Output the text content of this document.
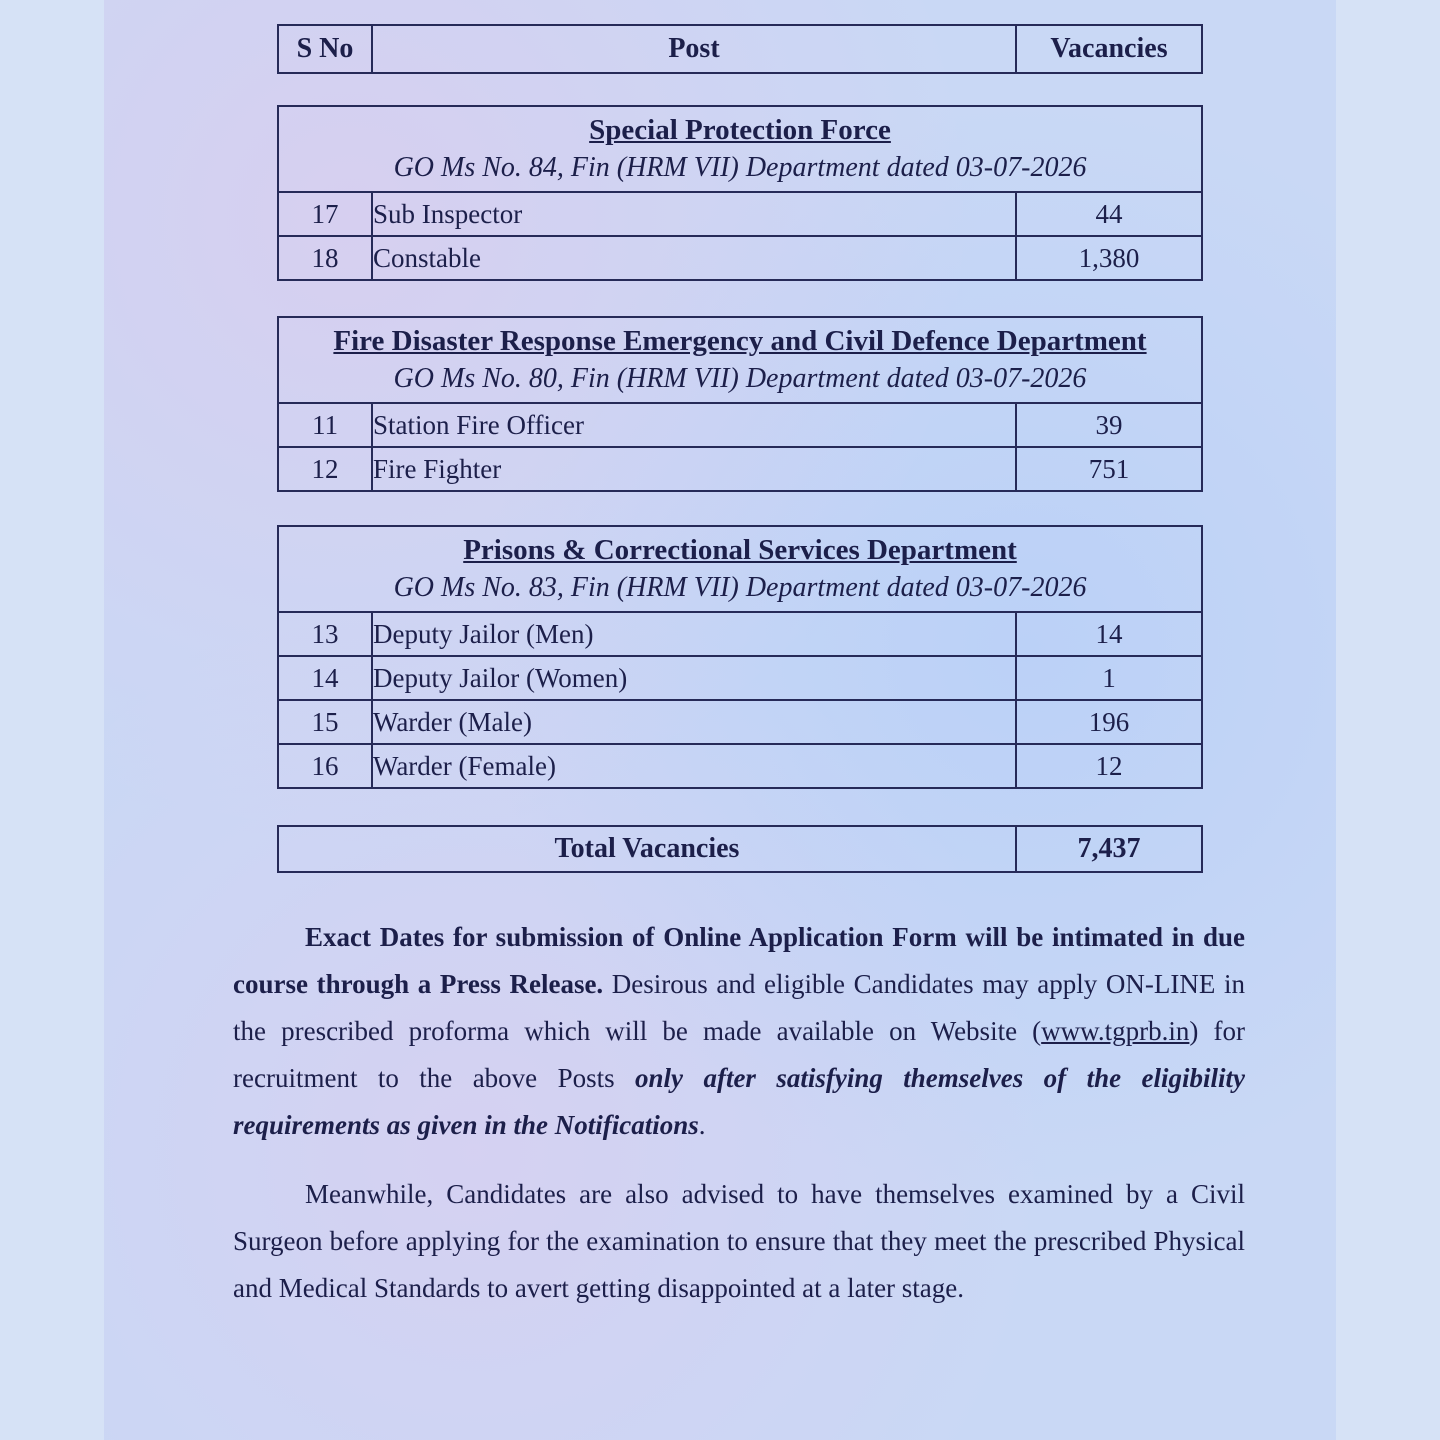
S No	Post	Vacancies
Special Protection Force
GO Ms No. 84, Fin (HRM VII) Department dated 03-07-2026		

17	Sub Inspector	44
18	Constable	1,380
Fire Disaster Response Emergency and Civil Defence Department
GO Ms No. 80, Fin (HRM VII) Department dated 03-07-2026		

11	Station Fire Officer	39
12	Fire Fighter	751
Prisons & Correctional Services Department
GO Ms No. 83, Fin (HRM VII) Department dated 03-07-2026		

13	Deputy Jailor (Men)	14
14	Deputy Jailor (Women)	1
15	Warder (Male)	196
16	Warder (Female)	12
Total Vacancies	7,437

Exact Dates for submission of Online Application Form will be intimated in due course through a Press Release. Desirous and eligible Candidates may apply ON-LINE in the prescribed proforma which will be made available on Website (www.tgprb.in) for recruitment to the above Posts only after satisfying themselves of the eligibility requirements as given in the Notifications.

Meanwhile, Candidates are also advised to have themselves examined by a Civil Surgeon before applying for the examination to ensure that they meet the prescribed Physical and Medical Standards to avert getting disappointed at a later stage.
